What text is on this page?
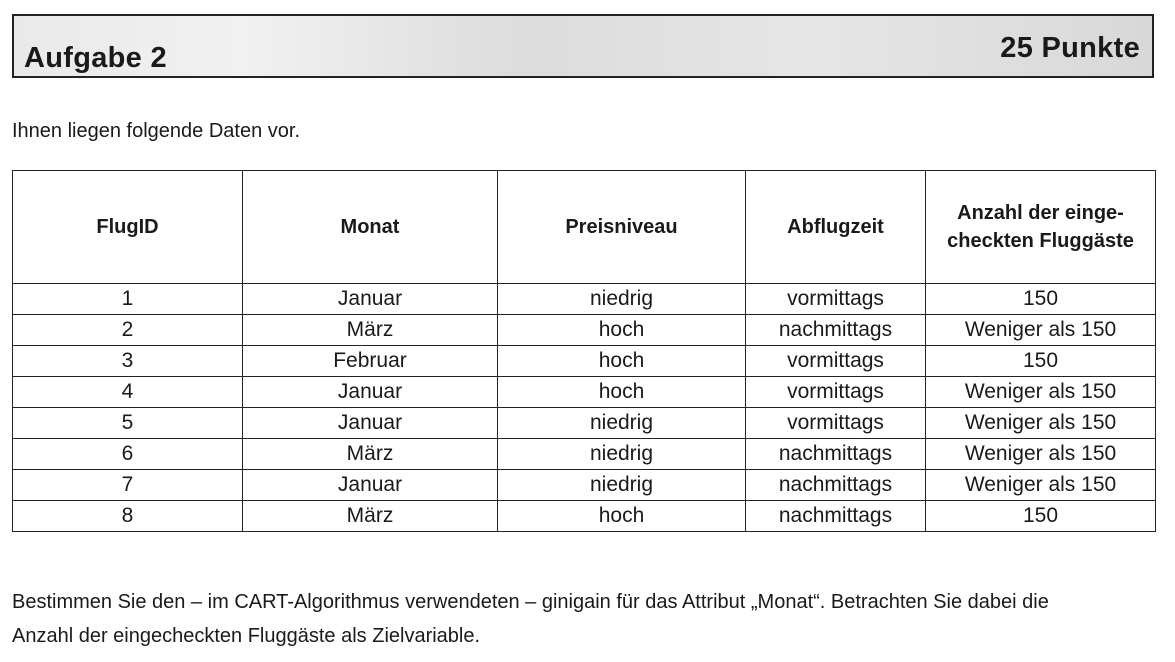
Aufgabe 2	25 Punkte
Ihnen liegen folgende Daten vor.
FlugID	Monat	Preisniveau	Abflugzeit	Anzahl der einge-
checkten Fluggäste

1	Januar	niedrig	vormittags	150
2	März	hoch	nachmittags	Weniger als 150
3	Februar	hoch	vormittags	150
4	Januar	hoch	vormittags	Weniger als 150
5	Januar	niedrig	vormittags	Weniger als 150
6	März	niedrig	nachmittags	Weniger als 150
7	Januar	niedrig	nachmittags	Weniger als 150
8	März	hoch	nachmittags	150
Bestimmen Sie den – im CART-Algorithmus verwendeten – ginigain für das Attribut „Monat“. Betrachten Sie dabei die
Anzahl der eingecheckten Fluggäste als Zielvariable.
